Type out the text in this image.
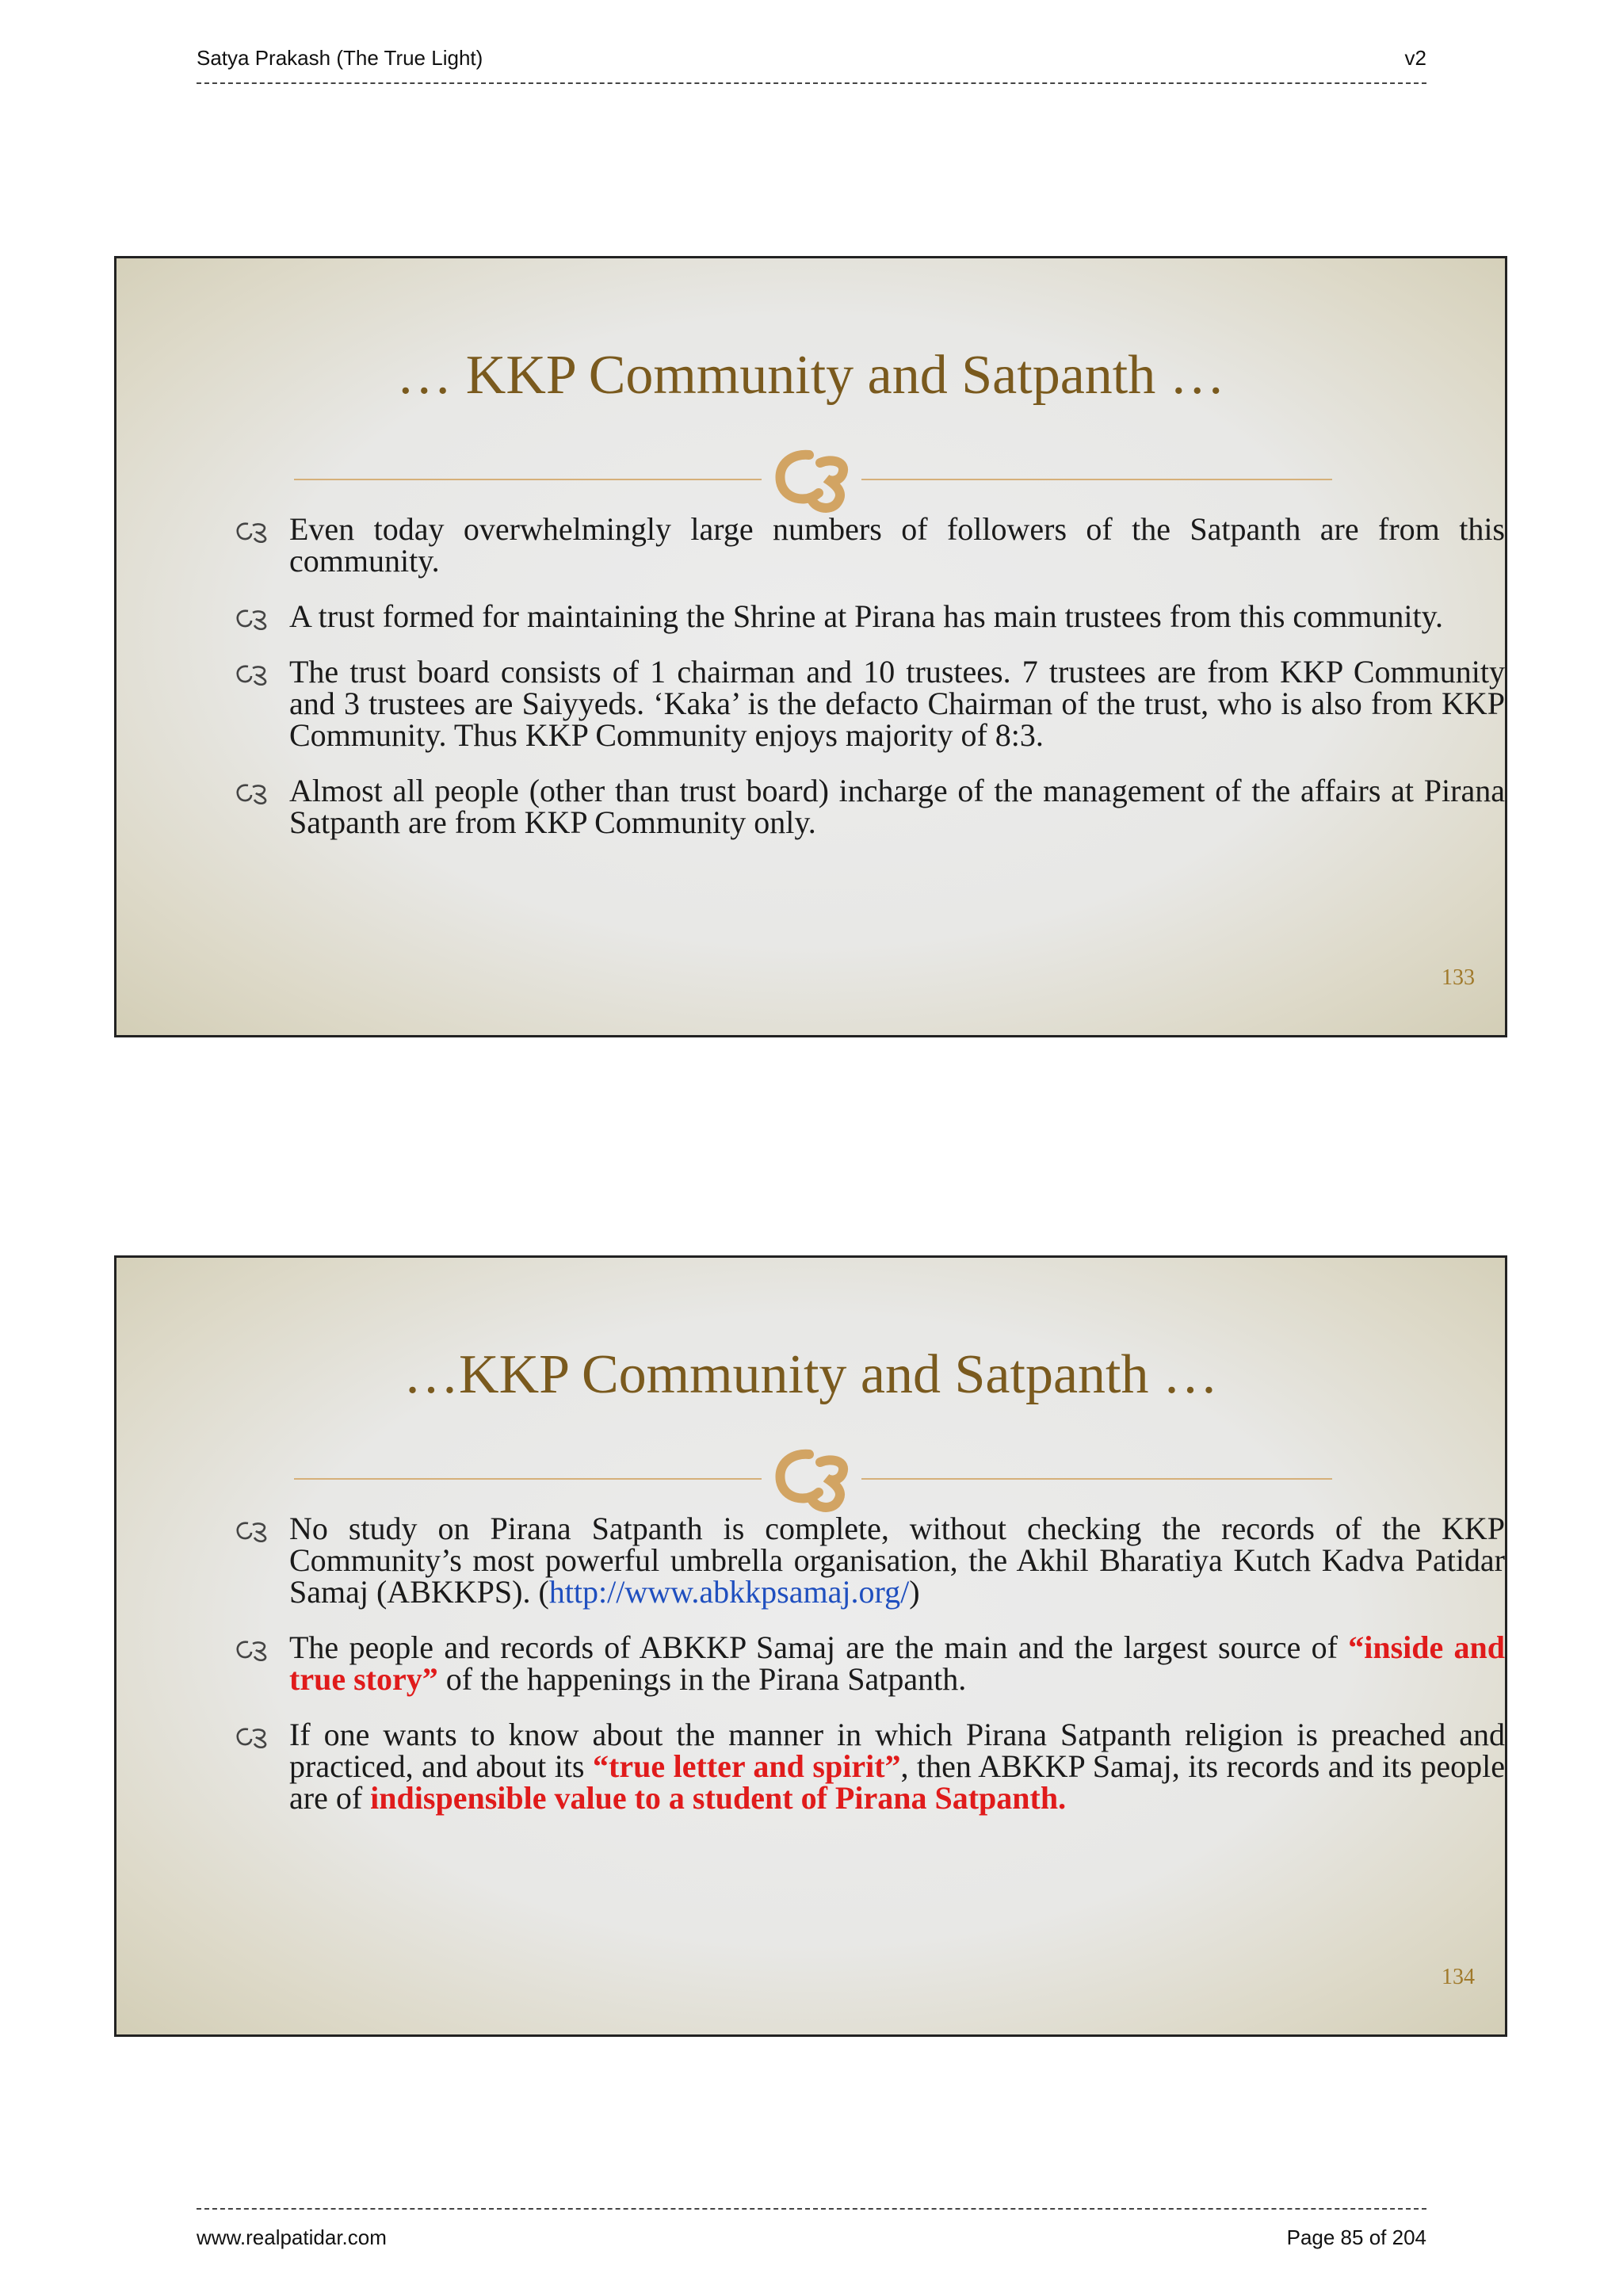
Satya Prakash (The True Light)	v2
… KKP Community and Satpanth …
Even today overwhelmingly large numbers of followers of the Satpanth are from this community.
A trust formed for maintaining the Shrine at Pirana has main trustees from this community.
The trust board consists of 1 chairman and 10 trustees. 7 trustees are from KKP Community and 3 trustees are Saiyyeds. ‘Kaka’ is the defacto Chairman of the trust, who is also from KKP Community. Thus KKP Community enjoys majority of 8:3.
Almost all people (other than trust board) incharge of the management of the affairs at Pirana Satpanth are from KKP Community only.
133
…KKP Community and Satpanth …
No study on Pirana Satpanth is complete, without checking the records of the KKP Community’s most powerful umbrella organisation, the Akhil Bharatiya Kutch Kadva Patidar Samaj (ABKKPS). (http://www.abkkpsamaj.org/)
The people and records of ABKKP Samaj are the main and the largest source of “inside and true story” of the happenings in the Pirana Satpanth.
If one wants to know about the manner in which Pirana Satpanth religion is preached and practiced, and about its “true letter and spirit”, then ABKKP Samaj, its records and its people are of indispensible value to a student of Pirana Satpanth.
134
www.realpatidar.com	Page 85 of 204
